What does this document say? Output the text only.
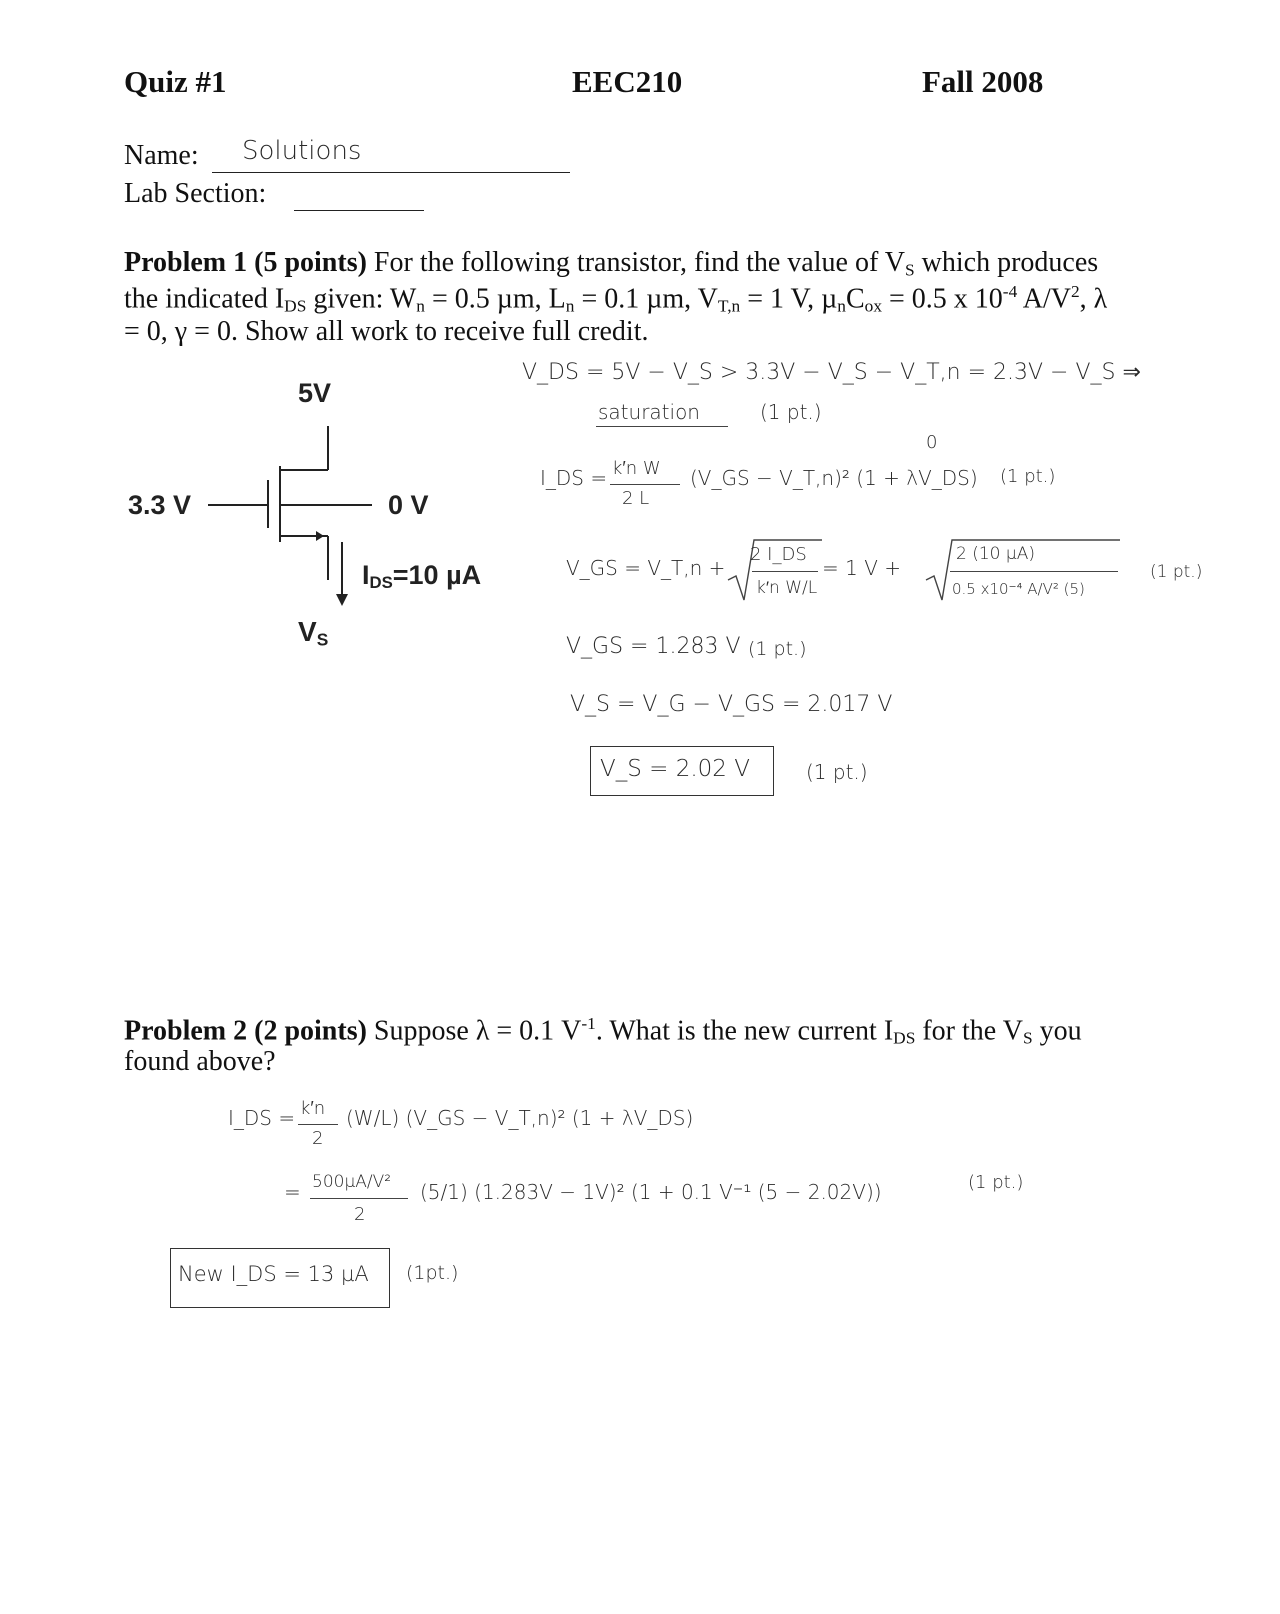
Quiz #1	EEC210	Fall 2008
Name: Solutions
Lab Section:
Problem 1 (5 points) For the following transistor, find the value of $V_S$ which produces
the indicated $I_{DS}$ given: $W_n = 0.5$ µm, $L_n = 0.1$ µm, $V_{T,n} = 1$ V, $\mu_nC_{ox} = 0.5$ x $10^{-4}$ $A/V^2$, λ
= 0, γ = 0. Show all work to receive full credit.
5V
3.3 V	0 V
$I_{DS}=10$ µA
$V_S$
V_DS = 5V − V_S > 3.3V − V_S − V_T,n = 2.3V − V_S ⇒
saturation	(1 pt.)
I_DS = k′n W
2 L
(V_GS − V_T,n)² (1 + λV_DS)
0
(1 pt.)
V_GS = V_T,n +
2 I_DS
k′n W/L
= 1 V +
2 (10 µA)
0.5 x10⁻⁴ A/V² (5)
(1 pt.)
V_GS = 1.283 V (1 pt.)
V_S = V_G − V_GS = 2.017 V
V_S = 2.02 V	(1 pt.)
Problem 2 (2 points) Suppose λ = 0.1 $V^{-1}$. What is the new current $I_{DS}$ for the $V_S$ you
found above?
I_DS = k′n
2
(W/L) (V_GS − V_T,n)² (1 + λV_DS)
= 500µA/V²
2
(5/1) (1.283V − 1V)² (1 + 0.1 V⁻¹ (5 − 2.02V))	(1 pt.)
New I_DS = 13 µA (1pt.)
